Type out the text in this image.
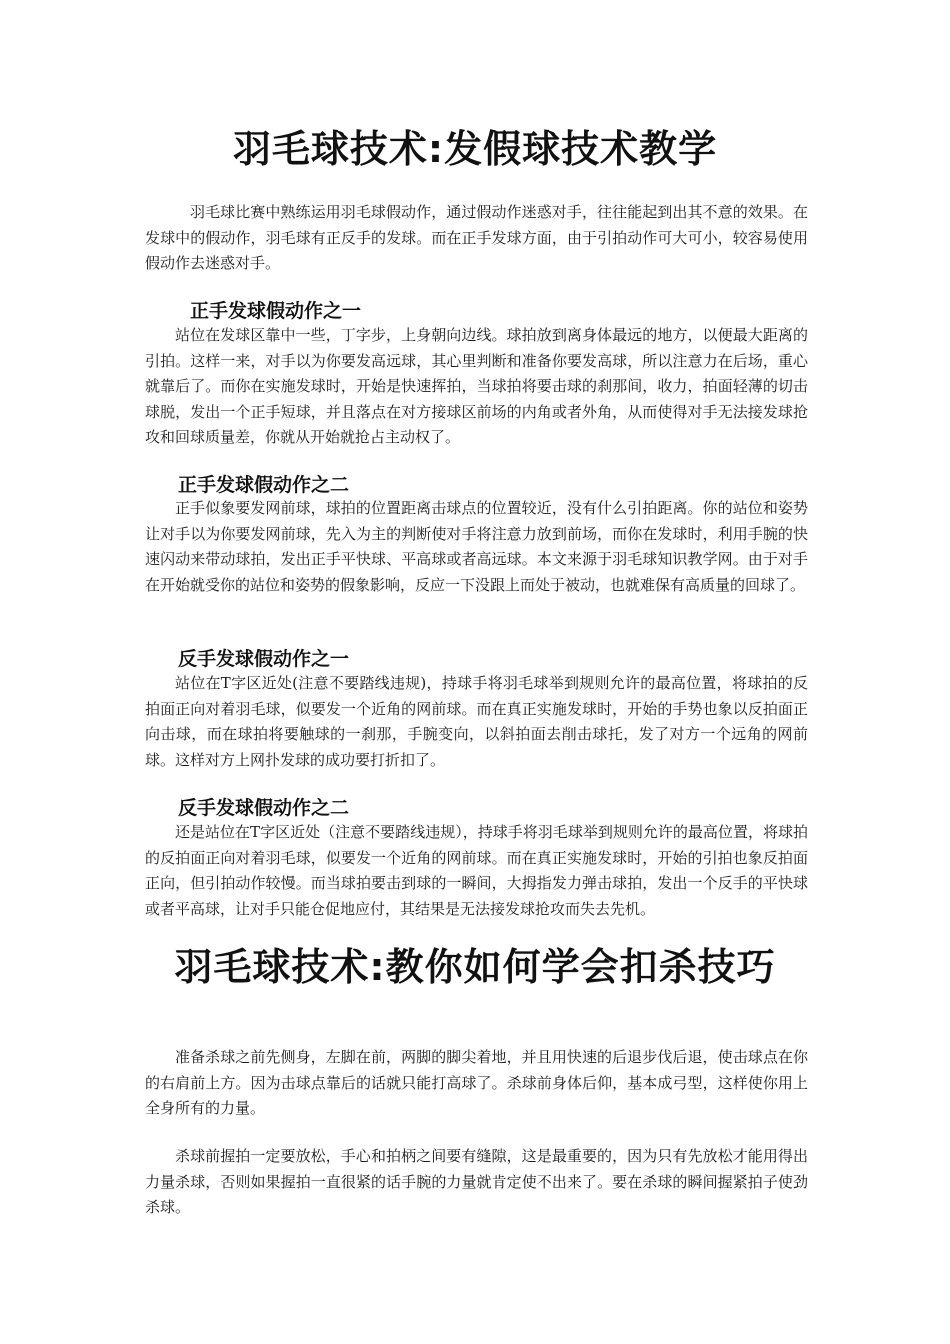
羽毛球技术:发假球技术教学

羽毛球比赛中熟练运用羽毛球假动作，通过假动作迷惑对手，往往能起到出其不意的效果。在发球中的假动作，羽毛球有正反手的发球。而在正手发球方面，由于引拍动作可大可小，较容易使用假动作去迷惑对手。

正手发球假动作之一

站位在发球区靠中一些，丁字步，上身朝向边线。球拍放到离身体最远的地方，以便最大距离的引拍。这样一来，对手以为你要发高远球，其心里判断和准备你要发高球，所以注意力在后场，重心就靠后了。而你在实施发球时，开始是快速挥拍，当球拍将要击球的刹那间，收力，拍面轻薄的切击球脱，发出一个正手短球，并且落点在对方接球区前场的内角或者外角，从而使得对手无法接发球抢攻和回球质量差，你就从开始就抢占主动权了。

正手发球假动作之二

正手似象要发网前球，球拍的位置距离击球点的位置较近，没有什么引拍距离。你的站位和姿势让对手以为你要发网前球，先入为主的判断使对手将注意力放到前场，而你在发球时，利用手腕的快速闪动来带动球拍，发出正手平快球、平高球或者高远球。本文来源于羽毛球知识教学网。由于对手在开始就受你的站位和姿势的假象影响，反应一下没跟上而处于被动，也就难保有高质量的回球了。

反手发球假动作之一

站位在T字区近处(注意不要踏线违规)，持球手将羽毛球举到规则允许的最高位置，将球拍的反拍面正向对着羽毛球，似要发一个近角的网前球。而在真正实施发球时，开始的手势也象以反拍面正向击球，而在球拍将要触球的一刹那，手腕变向，以斜拍面去削击球托，发了对方一个远角的网前球。这样对方上网扑发球的成功要打折扣了。

反手发球假动作之二

还是站位在T字区近处（注意不要踏线违规），持球手将羽毛球举到规则允许的最高位置，将球拍的反拍面正向对着羽毛球，似要发一个近角的网前球。而在真正实施发球时，开始的引拍也象反拍面正向，但引拍动作较慢。而当球拍要击到球的一瞬间，大拇指发力弹击球拍，发出一个反手的平快球或者平高球，让对手只能仓促地应付，其结果是无法接发球抢攻而失去先机。

羽毛球技术:教你如何学会扣杀技巧

准备杀球之前先侧身，左脚在前，两脚的脚尖着地，并且用快速的后退步伐后退，使击球点在你的右肩前上方。因为击球点靠后的话就只能打高球了。杀球前身体后仰，基本成弓型，这样使你用上全身所有的力量。

杀球前握拍一定要放松，手心和拍柄之间要有缝隙，这是最重要的，因为只有先放松才能用得出力量杀球，否则如果握拍一直很紧的话手腕的力量就肯定使不出来了。要在杀球的瞬间握紧拍子使劲杀球。
